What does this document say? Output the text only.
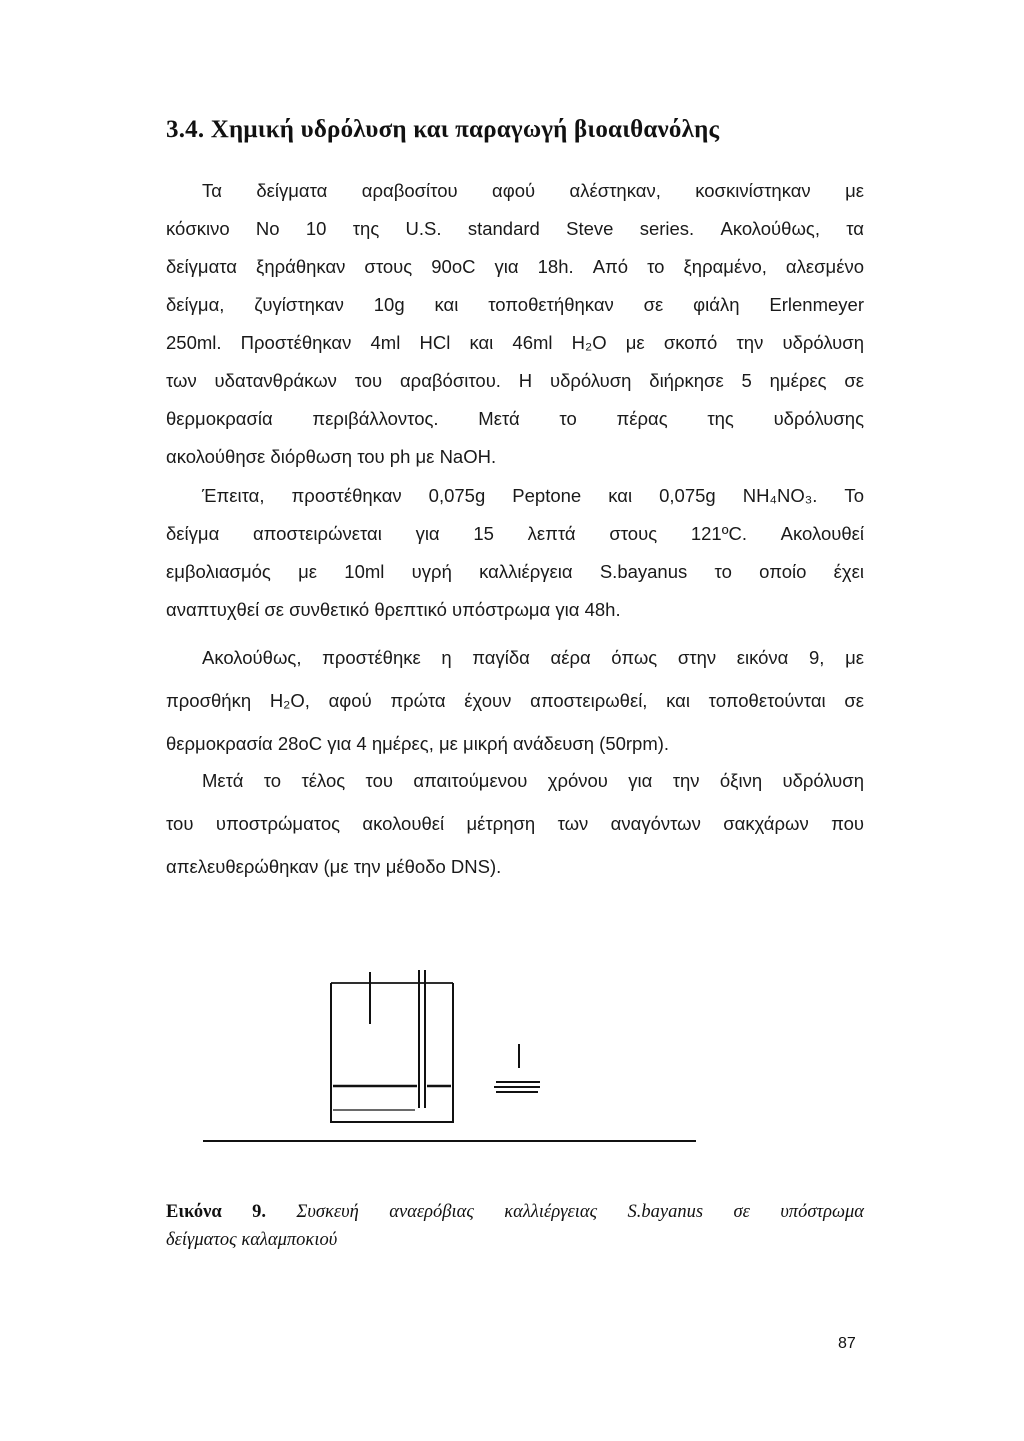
3.4. Χημική υδρόλυση και παραγωγή βιοαιθανόλης
Τα δείγματα αραβοσίτου αφού αλέστηκαν, κοσκινίστηκαν με
κόσκινο Νο 10 της U.S. standard Steve series. Ακολούθως, τα
δείγματα ξηράθηκαν στους 90oC για 18h. Από το ξηραμένο, αλεσμένο
δείγμα, ζυγίστηκαν 10g και τοποθετήθηκαν σε φιάλη Erlenmeyer
250ml. Προστέθηκαν 4ml HCl και 46ml H₂O με σκοπό την υδρόλυση
των υδατανθράκων του αραβόσιτου. Η υδρόλυση διήρκησε 5 ημέρες σε
θερμοκρασία περιβάλλοντος. Μετά το πέρας της υδρόλυσης
ακολούθησε διόρθωση του ph με NaOH.
Έπειτα, προστέθηκαν 0,075g Peptone και 0,075g NH₄NO₃. Το
δείγμα αποστειρώνεται για 15 λεπτά στους 121ºC. Ακολουθεί
εμβολιασμός με 10ml υγρή καλλιέργεια S.bayanus το οποίο έχει
αναπτυχθεί σε συνθετικό θρεπτικό υπόστρωμα για 48h.
Ακολούθως, προστέθηκε η παγίδα αέρα όπως στην εικόνα 9, με
προσθήκη H₂O, αφού πρώτα έχουν αποστειρωθεί, και τοποθετούνται σε
θερμοκρασία 28oC για 4 ημέρες, με μικρή ανάδευση (50rpm).
Μετά το τέλος του απαιτούμενου χρόνου για την όξινη υδρόλυση
του υποστρώματος ακολουθεί μέτρηση των αναγόντων σακχάρων που
απελευθερώθηκαν (με την μέθοδο DNS).
Εικόνα 9. Συσκευή αναερόβιας καλλιέργειας S.bayanus σε υπόστρωμα
δείγματος καλαμποκιού
87
